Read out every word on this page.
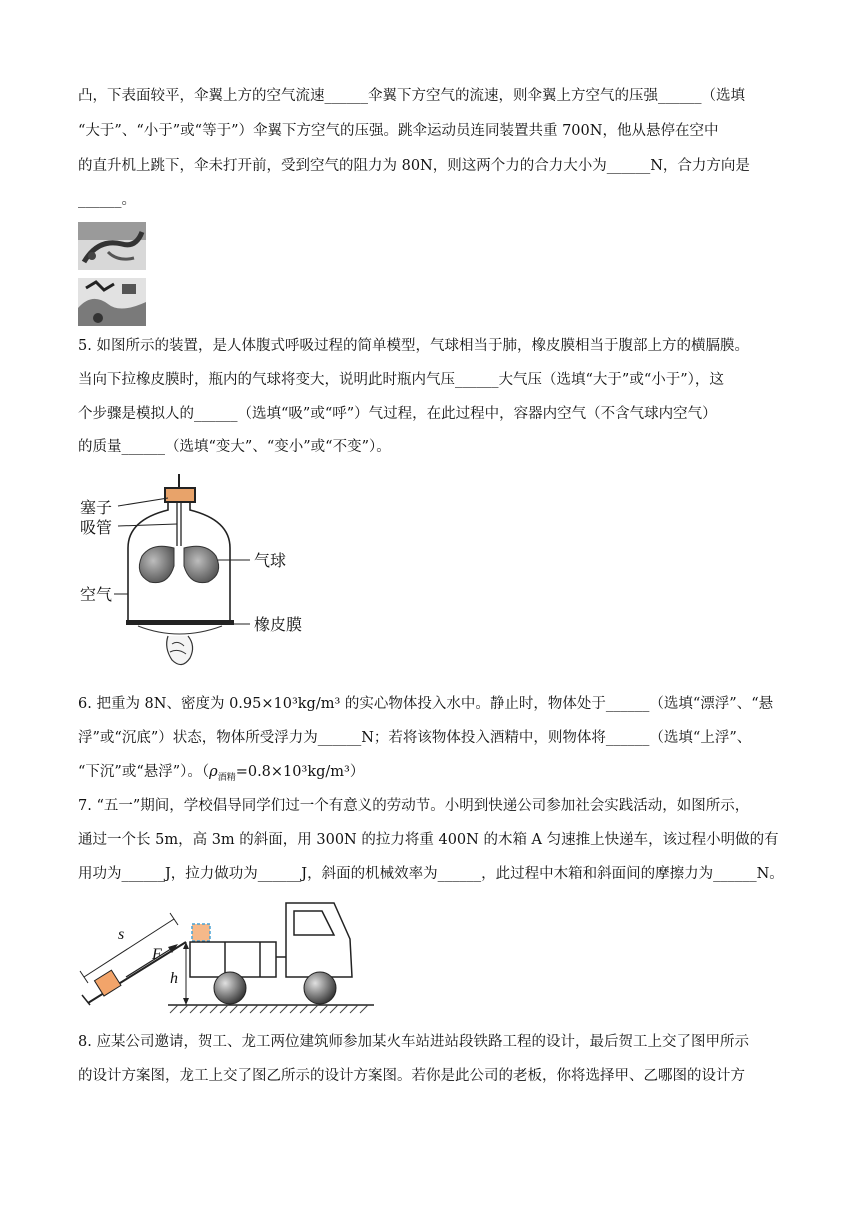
凸，下表面较平，伞翼上方的空气流速______伞翼下方空气的流速，则伞翼上方空气的压强______（选填
“大于”、“小于”或“等于”）伞翼下方空气的压强。跳伞运动员连同装置共重 700N，他从悬停在空中
的直升机上跳下，伞未打开前，受到空气的阻力为 80N，则这两个力的合力大小为______N，合力方向是
______。
5. 如图所示的装置，是人体腹式呼吸过程的简单模型，气球相当于肺，橡皮膜相当于腹部上方的横膈膜。
当向下拉橡皮膜时，瓶内的气球将变大，说明此时瓶内气压______大气压（选填“大于”或“小于”），这
个步骤是模拟人的______（选填“吸”或“呼”）气过程，在此过程中，容器内空气（不含气球内空气）
的质量______（选填“变大”、“变小”或“不变”）。
塞子
吸管
气球
空气
橡皮膜
6. 把重为 8N、密度为 0.95×10³kg/m³ 的实心物体投入水中。静止时，物体处于______（选填“漂浮”、“悬
浮”或“沉底”）状态，物体所受浮力为______N；若将该物体投入酒精中，则物体将______（选填“上浮”、
“下沉”或“悬浮”）。$(\rho_{酒精}=0.8\times 10^3kg/m^3)$
7. “五一”期间，学校倡导同学们过一个有意义的劳动节。小明到快递公司参加社会实践活动，如图所示，
通过一个长 5m，高 3m 的斜面，用 300N 的拉力将重 400N 的木箱 A 匀速推上快递车，该过程小明做的有
用功为______J，拉力做功为______J，斜面的机械效率为______，此过程中木箱和斜面间的摩擦力为______N。
s
F
h
8. 应某公司邀请，贺工、龙工两位建筑师参加某火车站进站段铁路工程的设计，最后贺工上交了图甲所示
的设计方案图，龙工上交了图乙所示的设计方案图。若你是此公司的老板，你将选择甲、乙哪图的设计方
